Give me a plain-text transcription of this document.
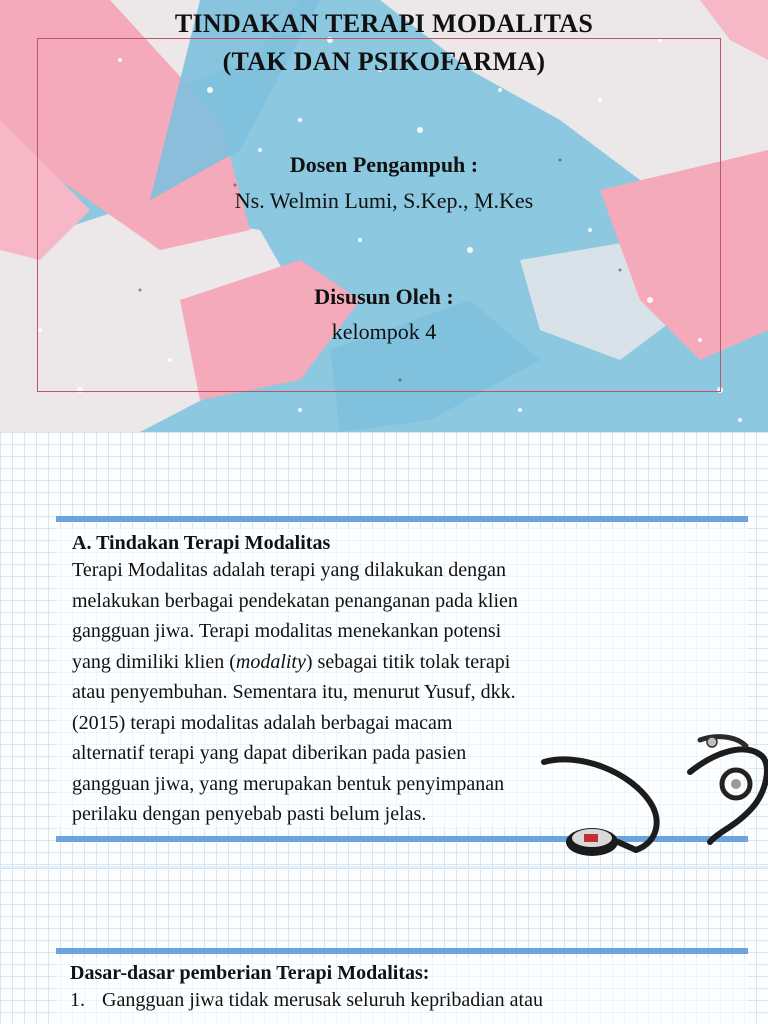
TINDAKAN TERAPI MODALITAS
(TAK DAN PSIKOFARMA)
Dosen Pengampuh :
Ns. Welmin Lumi, S.Kep., M.Kes
Disusun Oleh :
kelompok 4
A. Tindakan Terapi Modalitas
Terapi Modalitas adalah terapi yang dilakukan dengan
melakukan berbagai pendekatan penanganan pada klien
gangguan jiwa. Terapi modalitas menekankan potensi
yang dimiliki klien (modality) sebagai titik tolak terapi
atau penyembuhan. Sementara itu, menurut Yusuf, dkk.
(2015) terapi modalitas adalah berbagai macam
alternatif terapi yang dapat diberikan pada pasien
gangguan jiwa, yang merupakan bentuk penyimpanan
perilaku dengan penyebab pasti belum jelas.
Dasar-dasar pemberian Terapi Modalitas:
1. Gangguan jiwa tidak merusak seluruh kepribadian atau
